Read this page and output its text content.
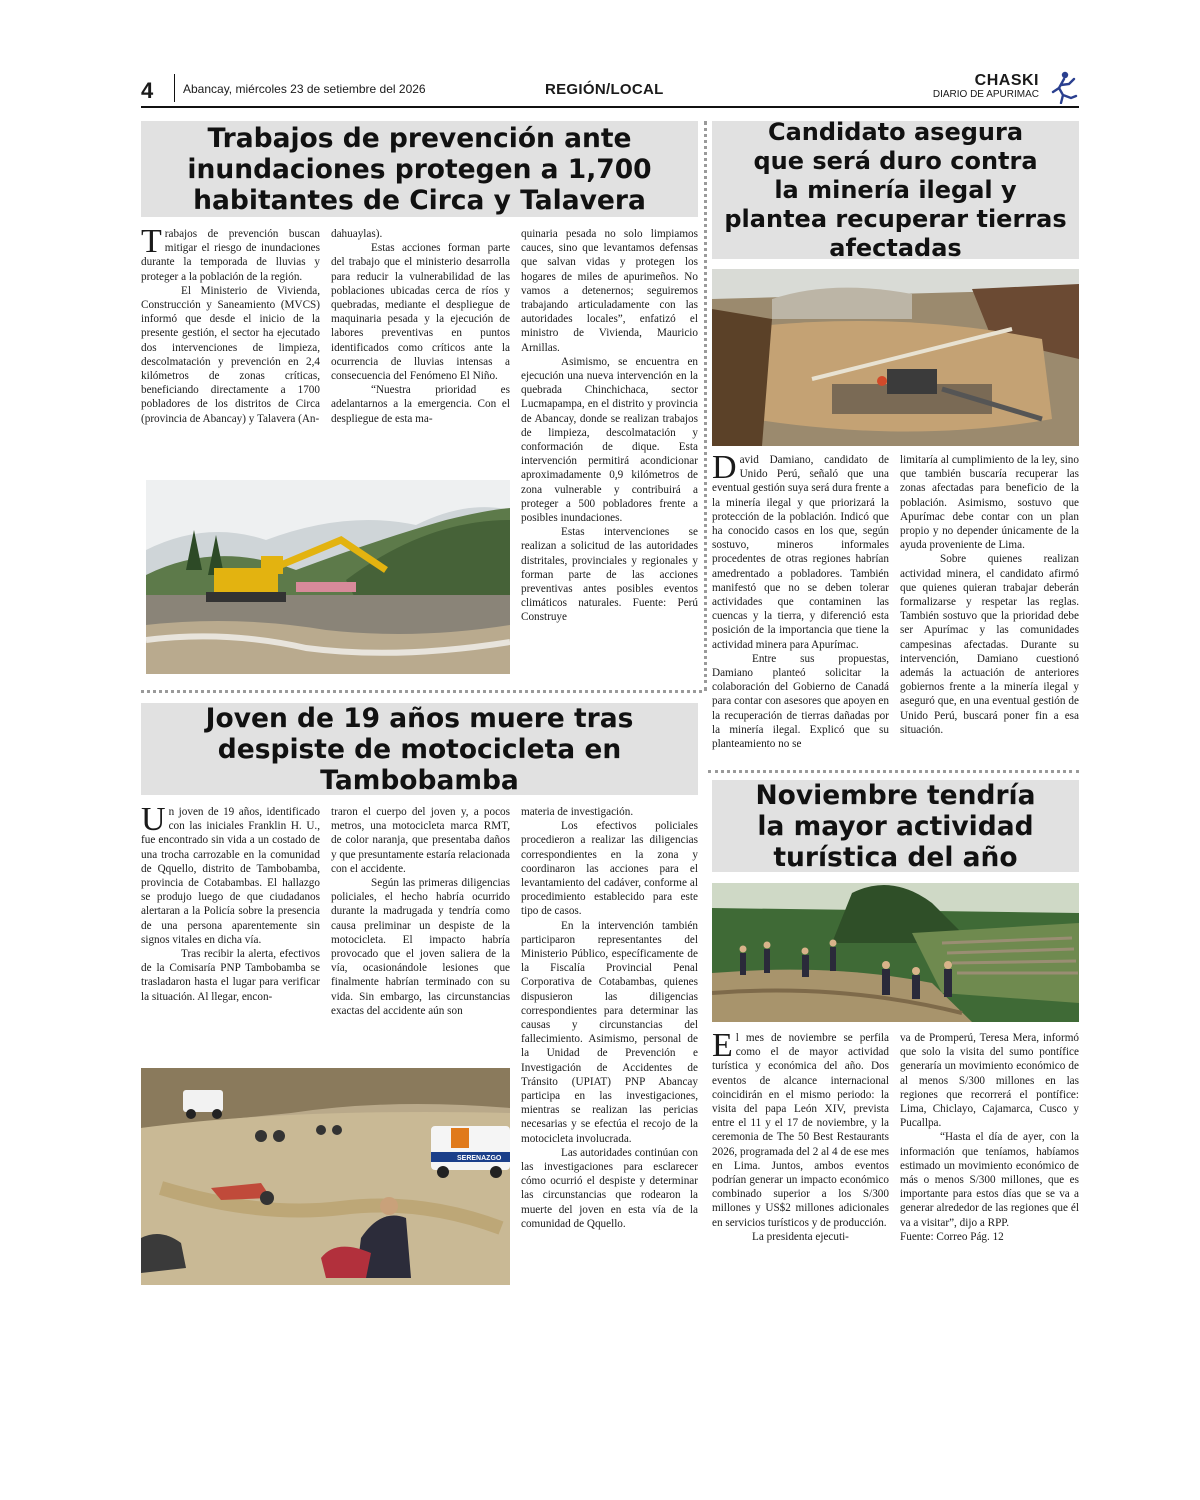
4 Abancay, miércoles 23 de setiembre del 2026	REGIÓN/LOCAL
CHASKI
DIARIO DE APURIMAC
Trabajos de prevención ante
inundaciones protegen a 1,700
habitantes de Circa y Talavera

Trabajos de prevención buscan mitigar el riesgo de inundaciones durante la temporada de lluvias y proteger a la población de la región.

El Ministerio de Vivienda, Construcción y Saneamiento (MVCS) informó que desde el inicio de la presente gestión, el sector ha ejecutado dos intervenciones de limpieza, descolmatación y prevención en 2,4 kilómetros de zonas críticas, beneficiando directamente a 1700 pobladores de los distritos de Circa (provincia de Abancay) y Talavera (An-

dahuaylas).

Estas acciones forman parte del trabajo que el ministerio desarrolla para reducir la vulnerabilidad de las poblaciones ubicadas cerca de ríos y quebradas, mediante el despliegue de maquinaria pesada y la ejecución de labores preventivas en puntos identificados como críticos ante la ocurrencia de lluvias intensas a consecuencia del Fenómeno El Niño.

“Nuestra prioridad es adelantarnos a la emergencia. Con el despliegue de esta ma-

quinaria pesada no solo limpiamos cauces, sino que levantamos defensas que salvan vidas y protegen los hogares de miles de apurimeños. No vamos a detenernos; seguiremos trabajando articuladamente con las autoridades locales”, enfatizó el ministro de Vivienda, Mauricio Arnillas.

Asimismo, se encuentra en ejecución una nueva intervención en la quebrada Chinchichaca, sector Lucmapampa, en el distrito y provincia de Abancay, donde se realizan trabajos de limpieza, descolmatación y conformación de dique. Esta intervención permitirá acondicionar aproximadamente 0,9 kilómetros de zona vulnerable y contribuirá a proteger a 500 pobladores frente a posibles inundaciones.

Estas intervenciones se realizan a solicitud de las autoridades distritales, provinciales y regionales y forman parte de las acciones preventivas antes posibles eventos climáticos naturales. Fuente: Perú Construye

Candidato asegura
que será duro contra
la minería ilegal y
plantea recuperar tierras
afectadas

David Damiano, candidato de Unido Perú, señaló que una eventual gestión suya será dura frente a la minería ilegal y que priorizará la protección de la población. Indicó que ha conocido casos en los que, según sostuvo, mineros informales procedentes de otras regiones habrían amedrentado a pobladores. También manifestó que no se deben tolerar actividades que contaminen las cuencas y la tierra, y diferenció esta posición de la importancia que tiene la actividad minera para Apurímac.

Entre sus propuestas, Damiano planteó solicitar la colaboración del Gobierno de Canadá para contar con asesores que apoyen en la recuperación de tierras dañadas por la minería ilegal. Explicó que su planteamiento no se

limitaría al cumplimiento de la ley, sino que también buscaría recuperar las zonas afectadas para beneficio de la población. Asimismo, sostuvo que Apurímac debe contar con un plan propio y no depender únicamente de la ayuda proveniente de Lima.

Sobre quienes realizan actividad minera, el candidato afirmó que quienes quieran trabajar deberán formalizarse y respetar las reglas. También sostuvo que la prioridad debe ser Apurímac y las comunidades campesinas afectadas. Durante su intervención, Damiano cuestionó además la actuación de anteriores gobiernos frente a la minería ilegal y aseguró que, en una eventual gestión de Unido Perú, buscará poner fin a esa situación.

Joven de 19 años muere tras
despiste de motocicleta en
Tambobamba

Un joven de 19 años, identificado con las iniciales Franklin H. U., fue encontrado sin vida a un costado de una trocha carrozable en la comunidad de Qquello, distrito de Tambobamba, provincia de Cotabambas. El hallazgo se produjo luego de que ciudadanos alertaran a la Policía sobre la presencia de una persona aparentemente sin signos vitales en dicha vía.

Tras recibir la alerta, efectivos de la Comisaría PNP Tambobamba se trasladaron hasta el lugar para verificar la situación. Al llegar, encon-

traron el cuerpo del joven y, a pocos metros, una motocicleta marca RMT, de color naranja, que presentaba daños y que presuntamente estaría relacionada con el accidente.

Según las primeras diligencias policiales, el hecho habría ocurrido durante la madrugada y tendría como causa preliminar un despiste de la motocicleta. El impacto habría provocado que el joven saliera de la vía, ocasionándole lesiones que finalmente habrían terminado con su vida. Sin embargo, las circunstancias exactas del accidente aún son

materia de investigación.

Los efectivos policiales procedieron a realizar las diligencias correspondientes en la zona y coordinaron las acciones para el levantamiento del cadáver, conforme al procedimiento establecido para este tipo de casos.

En la intervención también participaron representantes del Ministerio Público, específicamente de la Fiscalía Provincial Penal Corporativa de Cotabambas, quienes dispusieron las diligencias correspondientes para determinar las causas y circunstancias del fallecimiento. Asimismo, personal de la Unidad de Prevención e Investigación de Accidentes de Tránsito (UPIAT) PNP Abancay participa en las investigaciones, mientras se realizan las pericias necesarias y se efectúa el recojo de la motocicleta involucrada.

Las autoridades continúan con las investigaciones para esclarecer cómo ocurrió el despiste y determinar las circunstancias que rodearon la muerte del joven en esta vía de la comunidad de Qquello.

SERENAZGO
Noviembre tendría
la mayor actividad
turística del año

El mes de noviembre se perfila como el de mayor actividad turística y económica del año. Dos eventos de alcance internacional coincidirán en el mismo periodo: la visita del papa León XIV, prevista entre el 11 y el 17 de noviembre, y la ceremonia de The 50 Best Restaurants 2026, programada del 2 al 4 de ese mes en Lima. Juntos, ambos eventos podrían generar un impacto económico combinado superior a los S/300 millones y US$2 millones adicionales en servicios turísticos y de producción.

La presidenta ejecuti-

va de Promperú, Teresa Mera, informó que solo la visita del sumo pontífice generaría un movimiento económico de al menos S/300 millones en las regiones que recorrerá el pontífice: Lima, Chiclayo, Cajamarca, Cusco y Pucallpa.

“Hasta el día de ayer, con la información que teníamos, habíamos estimado un movimiento económico de más o menos S/300 millones, que es importante para estos días que se va a generar alrededor de las regiones que él va a visitar”, dijo a RPP.

Fuente: Correo Pág. 12
